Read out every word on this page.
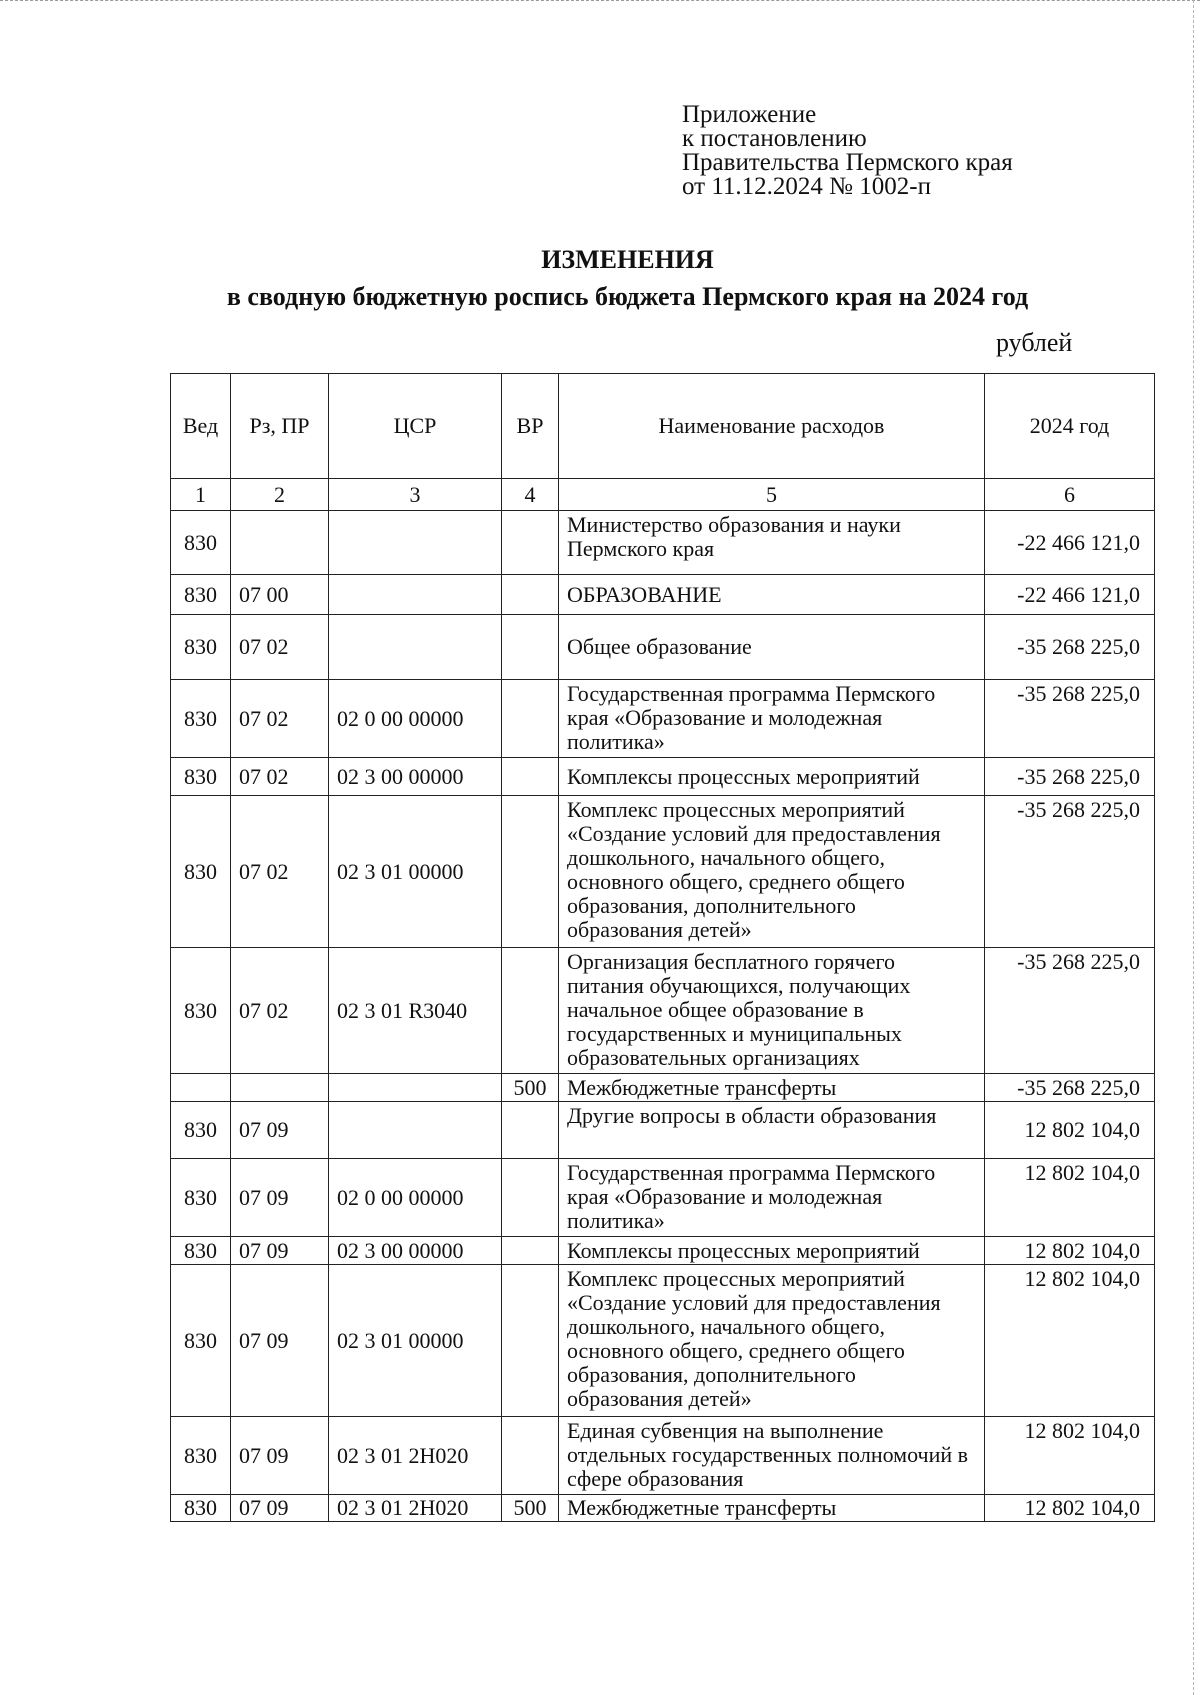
Приложение
к постановлению
Правительства Пермского края
от 11.12.2024 № 1002-п
ИЗМЕНЕНИЯ
в сводную бюджетную роспись бюджета Пермского края на 2024 год
рублей
Вед	Рз, ПР	ЦСР	ВР	Наименование расходов	2024 год
1	2	3	4	5	6
830				Министерство образования и науки Пермского края	-22 466 121,0
830	07 00			ОБРАЗОВАНИЕ	-22 466 121,0
830	07 02			Общее образование	-35 268 225,0
830	07 02	02 0 00 00000		Государственная программа Пермского края «Образование и молодежная политика»	-35 268 225,0
830	07 02	02 3 00 00000		Комплексы процессных мероприятий	-35 268 225,0
830	07 02	02 3 01 00000		Комплекс процессных мероприятий «Создание условий для предоставления дошкольного, начального общего, основного общего, среднего общего образования, дополнительного образования детей»	-35 268 225,0
830	07 02	02 3 01 R3040		Организация бесплатного горячего питания обучающихся, получающих начальное общее образование в государственных и муниципальных образовательных организациях	-35 268 225,0
			500	Межбюджетные трансферты	-35 268 225,0
830	07 09			Другие вопросы в области образования	12 802 104,0
830	07 09	02 0 00 00000		Государственная программа Пермского края «Образование и молодежная политика»	12 802 104,0
830	07 09	02 3 00 00000		Комплексы процессных мероприятий	12 802 104,0
830	07 09	02 3 01 00000		Комплекс процессных мероприятий «Создание условий для предоставления дошкольного, начального общего, основного общего, среднего общего образования, дополнительного образования детей»	12 802 104,0
830	07 09	02 3 01 2Н020		Единая субвенция на выполнение отдельных государственных полномочий в сфере образования	12 802 104,0
830	07 09	02 3 01 2Н020	500	Межбюджетные трансферты	12 802 104,0
